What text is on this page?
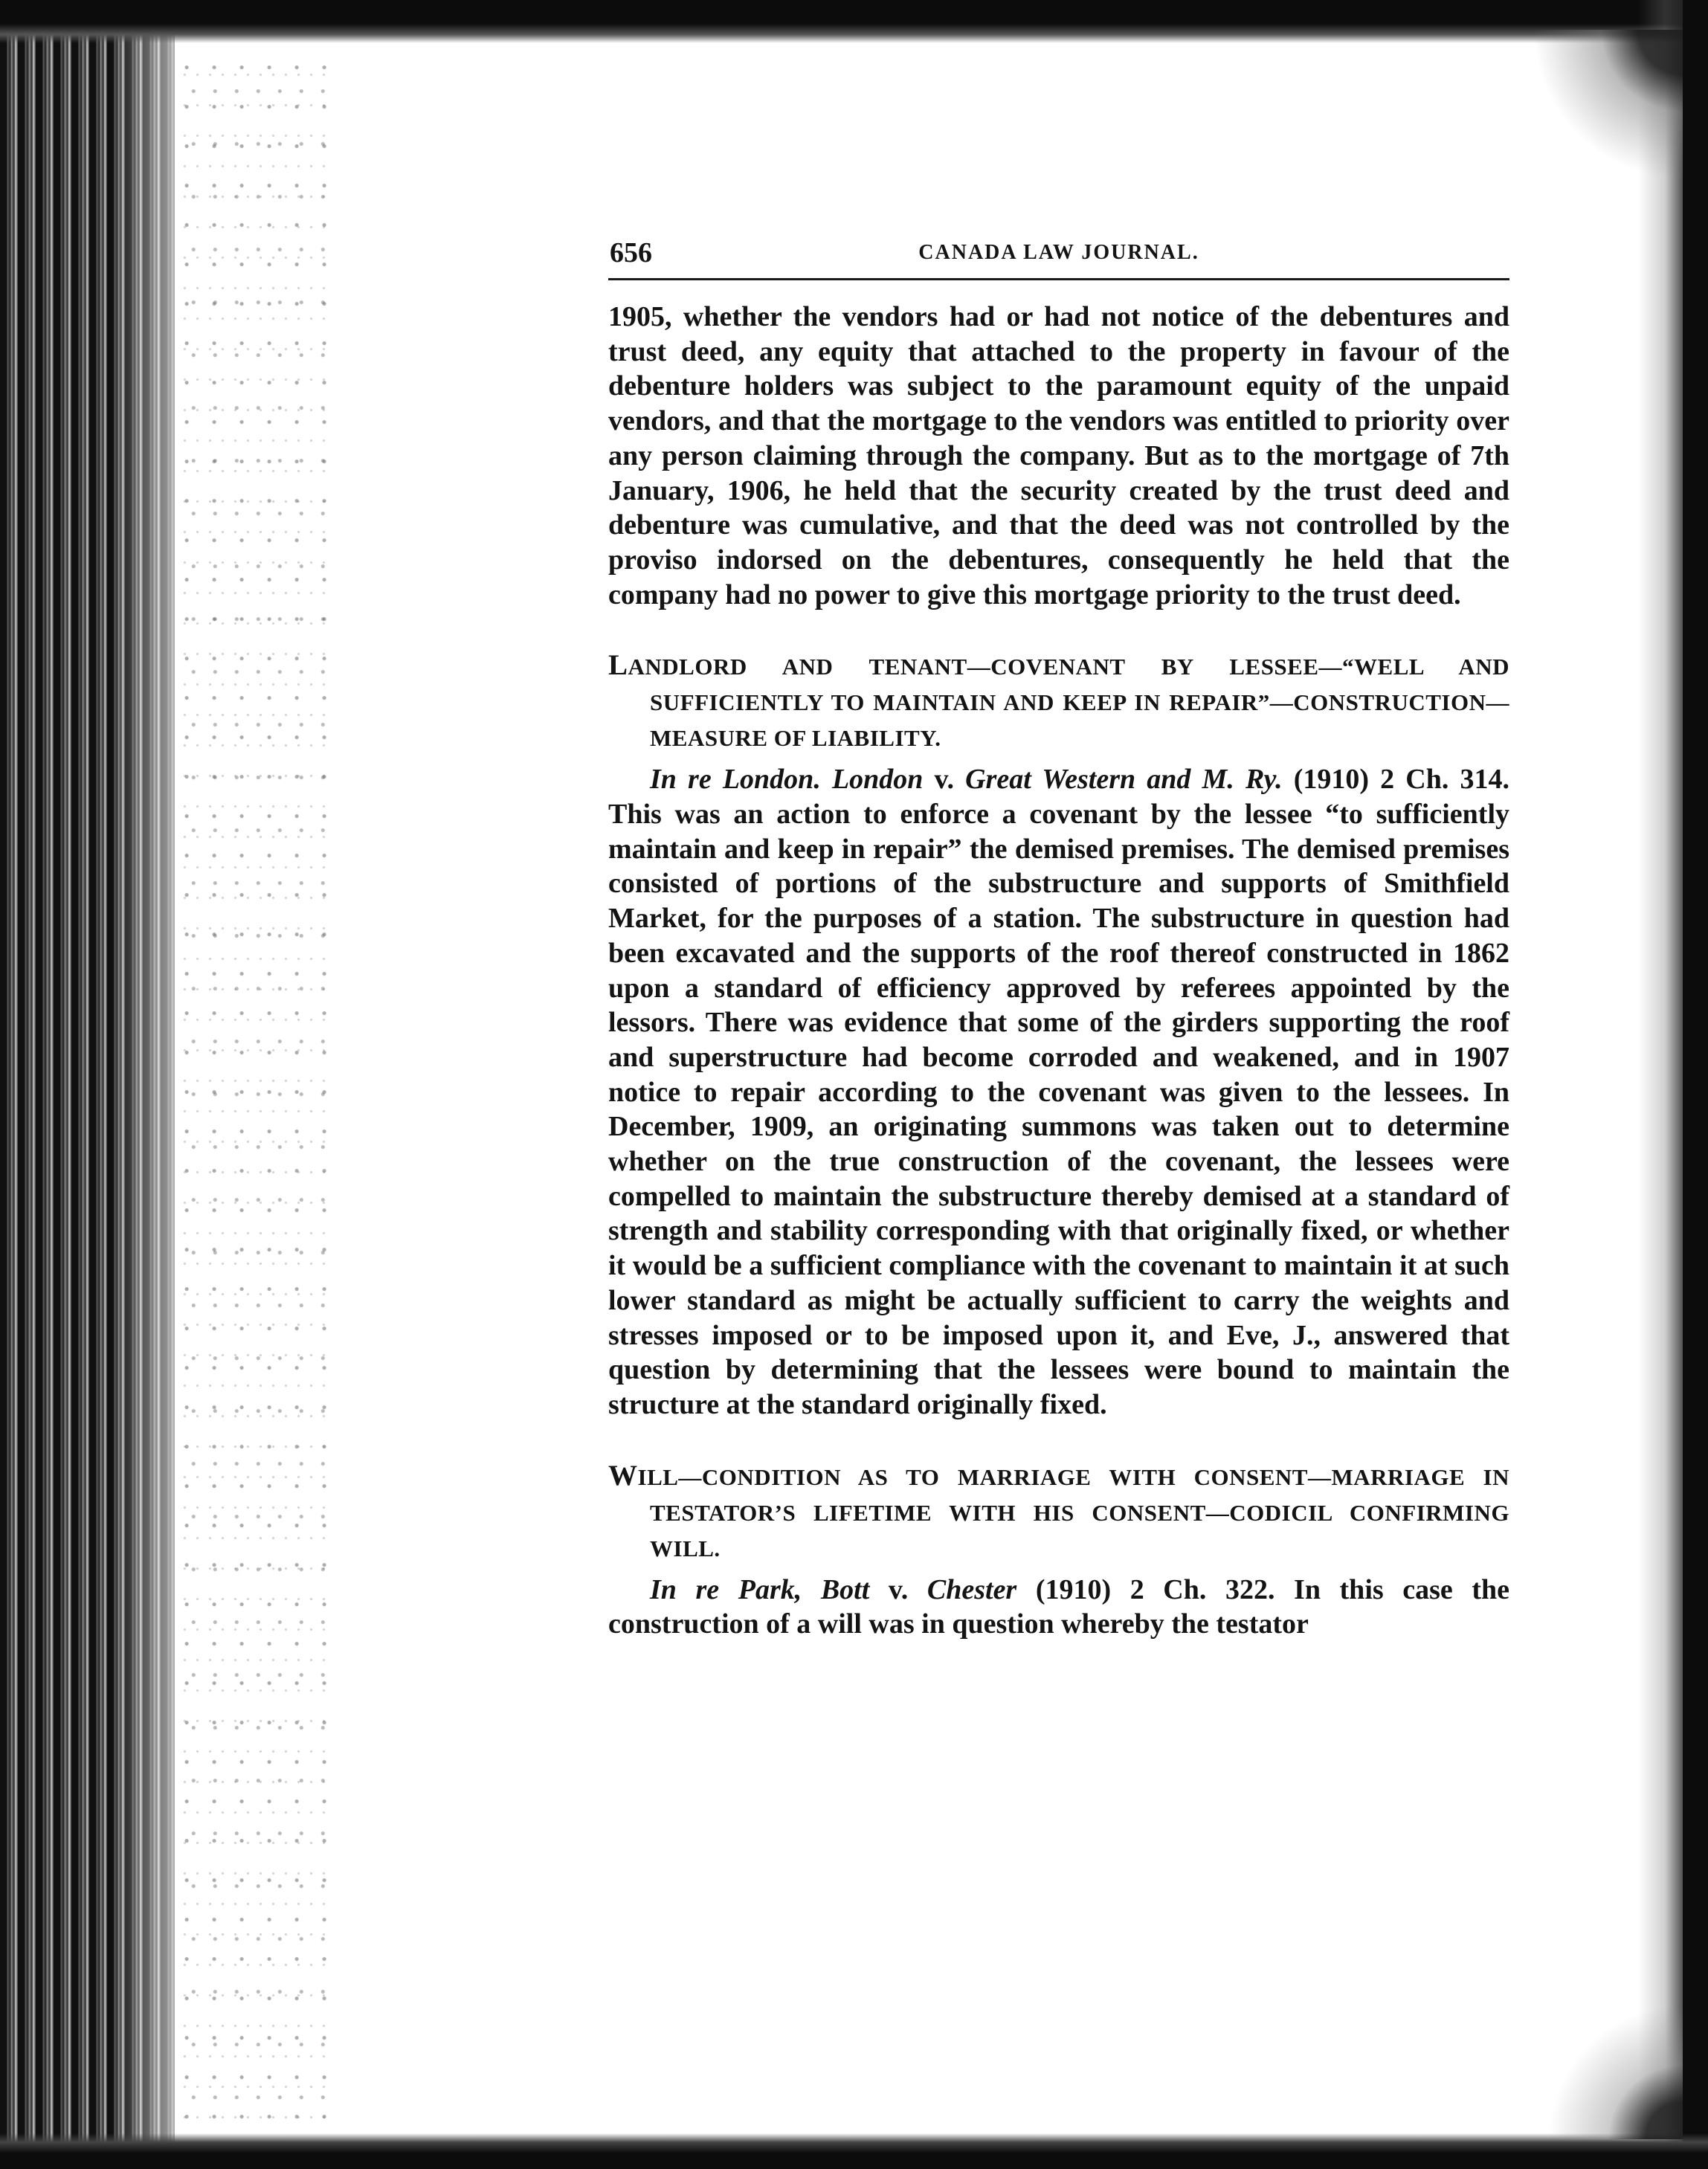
656	CANADA LAW JOURNAL.

1905, whether the vendors had or had not notice of the debentures and trust deed, any equity that attached to the property in favour of the debenture holders was subject to the paramount equity of the unpaid vendors, and that the mortgage to the vendors was entitled to priority over any person claiming through the company. But as to the mortgage of 7th January, 1906, he held that the security created by the trust deed and debenture was cumulative, and that the deed was not controlled by the proviso indorsed on the debentures, consequently he held that the company had no power to give this mortgage priority to the trust deed.

LANDLORD AND TENANT—COVENANT BY LESSEE—“WELL AND SUFFICIENTLY TO MAINTAIN AND KEEP IN REPAIR”—CONSTRUCTION—MEASURE OF LIABILITY.

In re London. London v. Great Western and M. Ry. (1910) 2 Ch. 314. This was an action to enforce a covenant by the lessee “to sufficiently maintain and keep in repair” the demised premises. The demised premises consisted of portions of the substructure and supports of Smithfield Market, for the purposes of a station. The substructure in question had been excavated and the supports of the roof thereof constructed in 1862 upon a standard of efficiency approved by referees appointed by the lessors. There was evidence that some of the girders supporting the roof and superstructure had become corroded and weakened, and in 1907 notice to repair according to the covenant was given to the lessees. In December, 1909, an originating summons was taken out to determine whether on the true construction of the covenant, the lessees were compelled to maintain the substructure thereby demised at a standard of strength and stability corresponding with that originally fixed, or whether it would be a sufficient compliance with the covenant to maintain it at such lower standard as might be actually sufficient to carry the weights and stresses imposed or to be imposed upon it, and Eve, J., answered that question by determining that the lessees were bound to maintain the structure at the standard originally fixed.

WILL—CONDITION AS TO MARRIAGE WITH CONSENT—MARRIAGE IN TESTATOR’S LIFETIME WITH HIS CONSENT—CODICIL CONFIRMING WILL.

In re Park, Bott v. Chester (1910) 2 Ch. 322. In this case the construction of a will was in question whereby the testator
